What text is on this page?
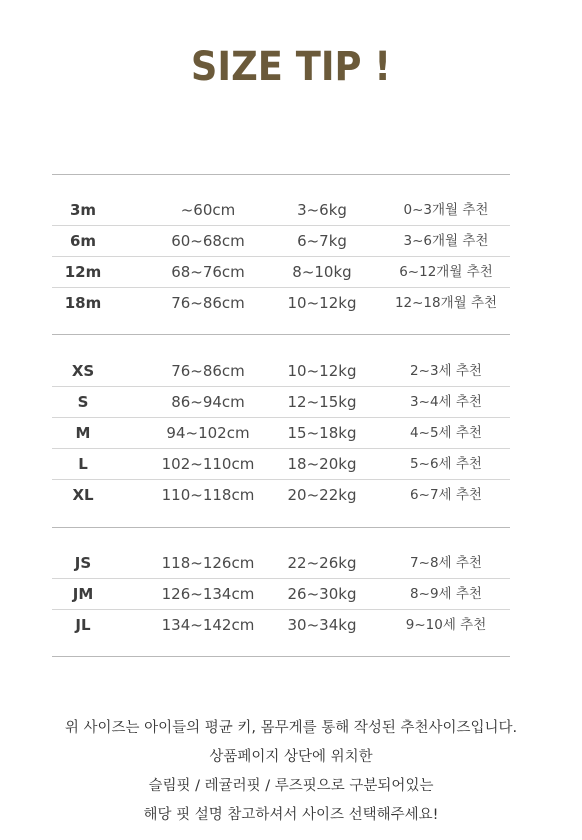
SIZE TIP !
3m	~60cm	3~6kg	0~3개월 추천
6m	60~68cm	6~7kg	3~6개월 추천
12m	68~76cm	8~10kg	6~12개월 추천
18m	76~86cm	10~12kg	12~18개월 추천
XS	76~86cm	10~12kg	2~3세 추천
S	86~94cm	12~15kg	3~4세 추천
M	94~102cm	15~18kg	4~5세 추천
L	102~110cm	18~20kg	5~6세 추천
XL	110~118cm	20~22kg	6~7세 추천
JS	118~126cm	22~26kg	7~8세 추천
JM	126~134cm	26~30kg	8~9세 추천
JL	134~142cm	30~34kg	9~10세 추천
위 사이즈는 아이들의 평균 키, 몸무게를 통해 작성된 추천사이즈입니다.
상품페이지 상단에 위치한
슬림핏 / 레귤러핏 / 루즈핏으로 구분되어있는
해당 핏 설명 참고하셔서 사이즈 선택해주세요!
